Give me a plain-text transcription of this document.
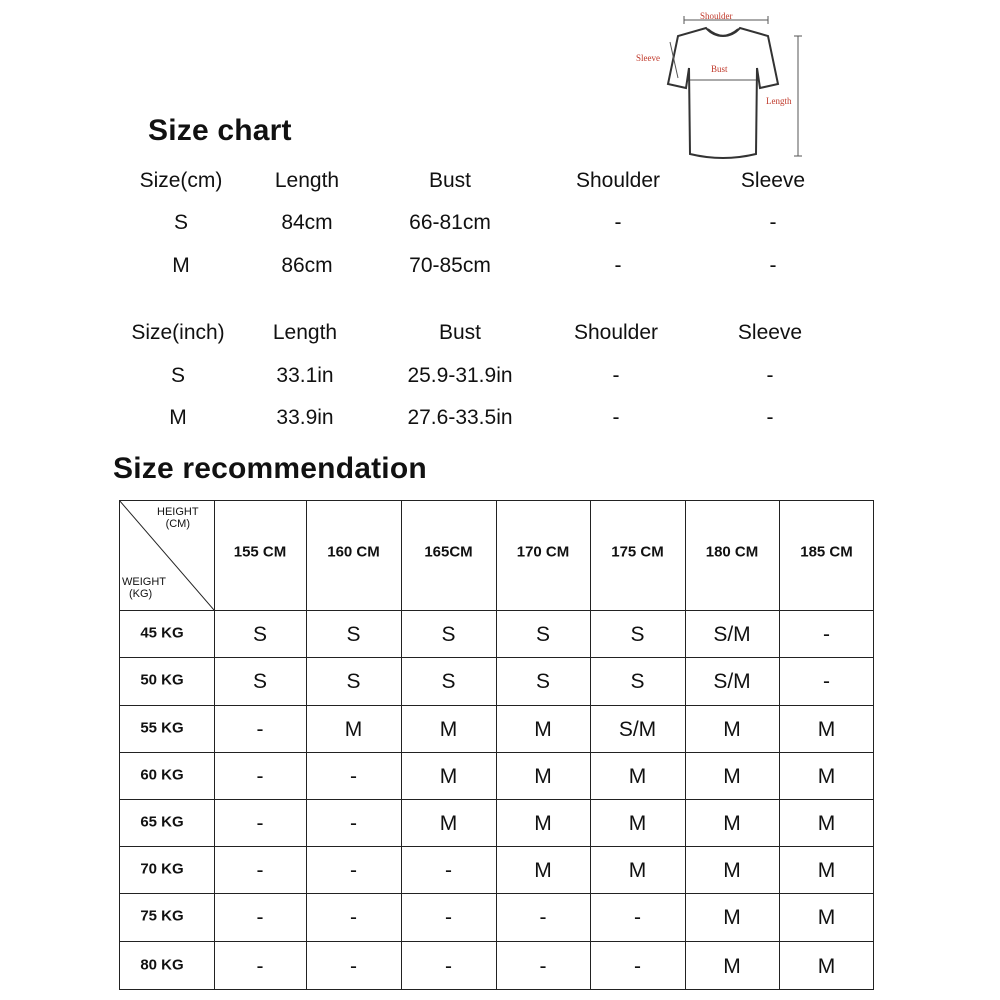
Shoulder
Sleeve
Bust
Length
Size chart
Size(cm) Length	Bust	Shoulder	Sleeve
S	84cm	66-81cm	-	-
M	86cm	70-85cm	-	-
Size(inch) Length	Bust	Shoulder	Sleeve
S	33.1in	25.9-31.9in	-	-
M	33.9in	27.6-33.5in	-	-
Size recommendation
HEIGHT
(CM)
WEIGHT
(KG)
155 CM	160 CM	165CM	170 CM	175 CM	180 CM	185 CM
45 KG	S	S	S	S	S	S/M	-
50 KG	S	S	S	S	S	S/M	-
55 KG	-	M	M	M	S/M	M	M
60 KG	-	-	M	M	M	M	M
65 KG	-	-	M	M	M	M	M
70 KG	-	-	-	M	M	M	M
75 KG	-	-	-	-	-	M	M
80 KG	-	-	-	-	-	M	M
